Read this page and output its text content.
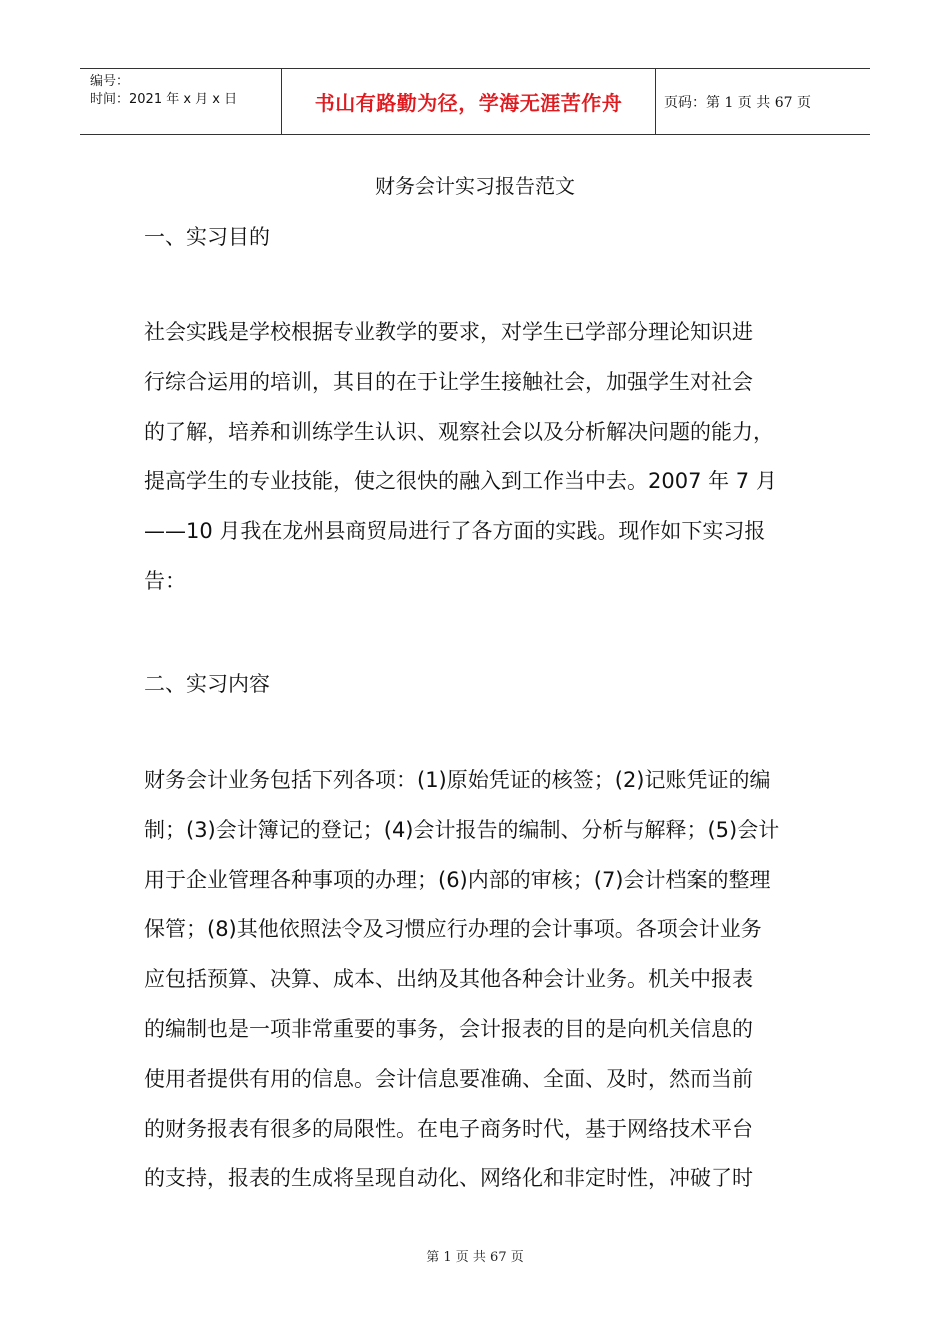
编号：
时间：2021 年 x 月 x 日	书山有路勤为径，学海无涯苦作舟	页码：第 1 页 共 67 页
财务会计实习报告范文
一、实习目的
社会实践是学校根据专业教学的要求，对学生已学部分理论知识进
行综合运用的培训，其目的在于让学生接触社会，加强学生对社会
的了解，培养和训练学生认识、观察社会以及分析解决问题的能力，
提高学生的专业技能，使之很快的融入到工作当中去。2007 年 7 月
——10 月我在龙州县商贸局进行了各方面的实践。现作如下实习报
告：
二、实习内容
财务会计业务包括下列各项：(1)原始凭证的核签；(2)记账凭证的编
制；(3)会计簿记的登记；(4)会计报告的编制、分析与解释；(5)会计
用于企业管理各种事项的办理；(6)内部的审核；(7)会计档案的整理
保管；(8)其他依照法令及习惯应行办理的会计事项。各项会计业务
应包括预算、决算、成本、出纳及其他各种会计业务。机关中报表
的编制也是一项非常重要的事务，会计报表的目的是向机关信息的
使用者提供有用的信息。会计信息要准确、全面、及时，然而当前
的财务报表有很多的局限性。在电子商务时代，基于网络技术平台
的支持，报表的生成将呈现自动化、网络化和非定时性，冲破了时
第 1 页 共 67 页
